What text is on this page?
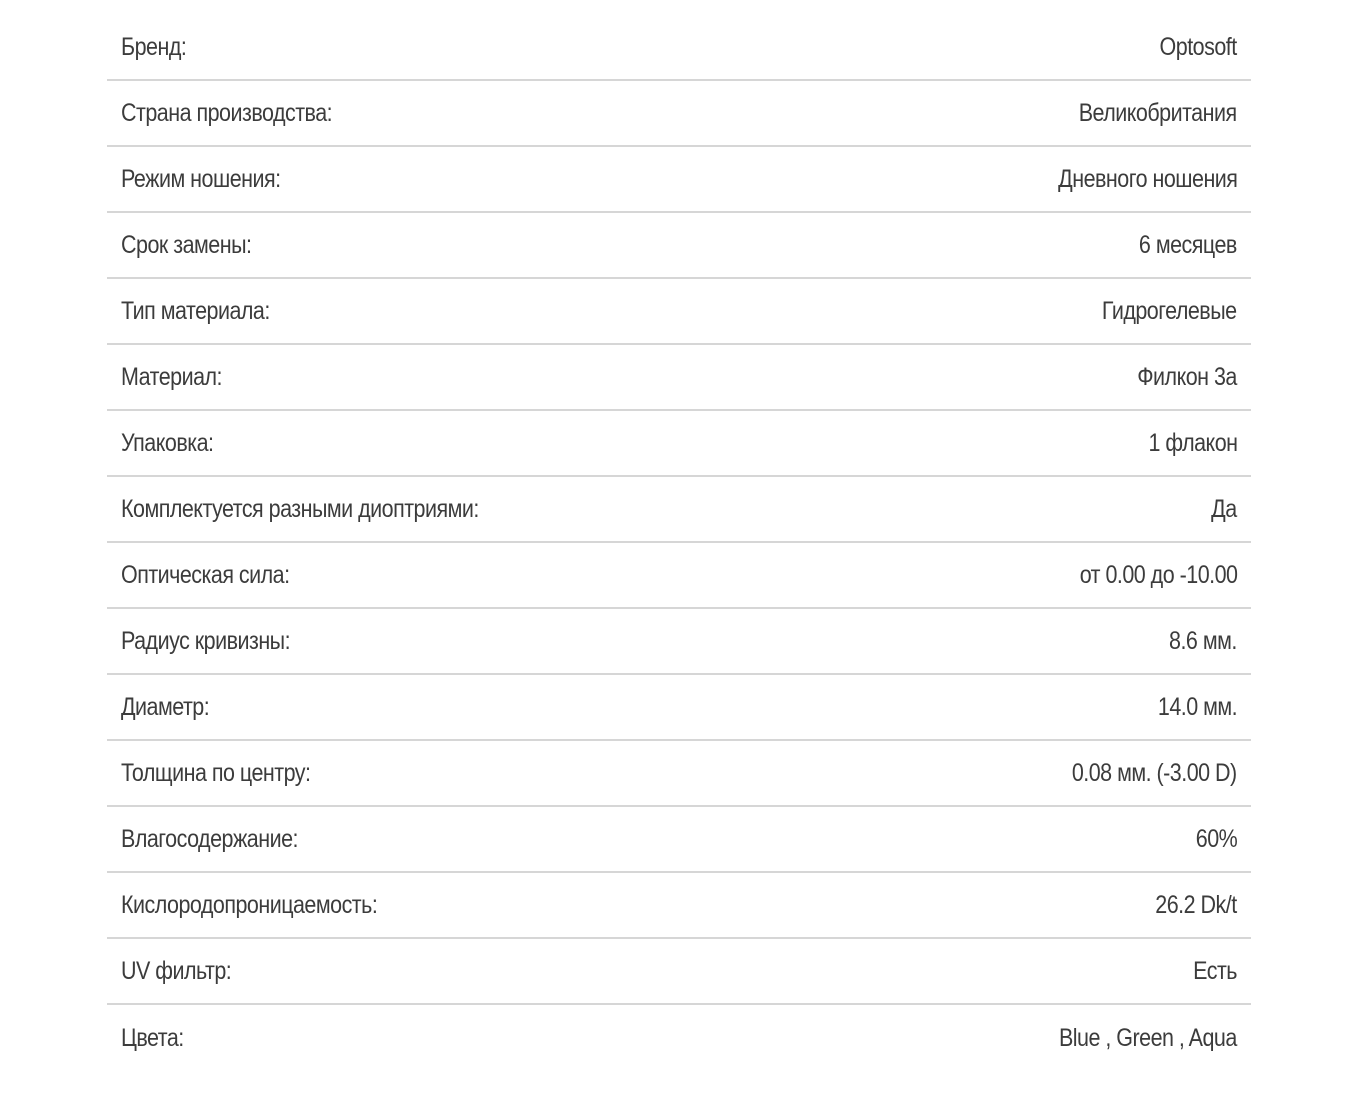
Бренд:	Optosoft
Страна производства:	Великобритания
Режим ношения:	Дневного ношения
Срок замены:	6 месяцев
Тип материала:	Гидрогелевые
Материал:	Филкон 3а
Упаковка:	1 флакон
Комплектуется разными диоптриями:	Да
Оптическая сила:	от 0.00 до -10.00
Радиус кривизны:	8.6 мм.
Диаметр:	14.0 мм.
Толщина по центру:	0.08 мм. (-3.00 D)
Влагосодержание:	60%
Кислородопроницаемость:	26.2 Dk/t
UV фильтр:	Есть
Цвета:	Blue , Green , Aqua
